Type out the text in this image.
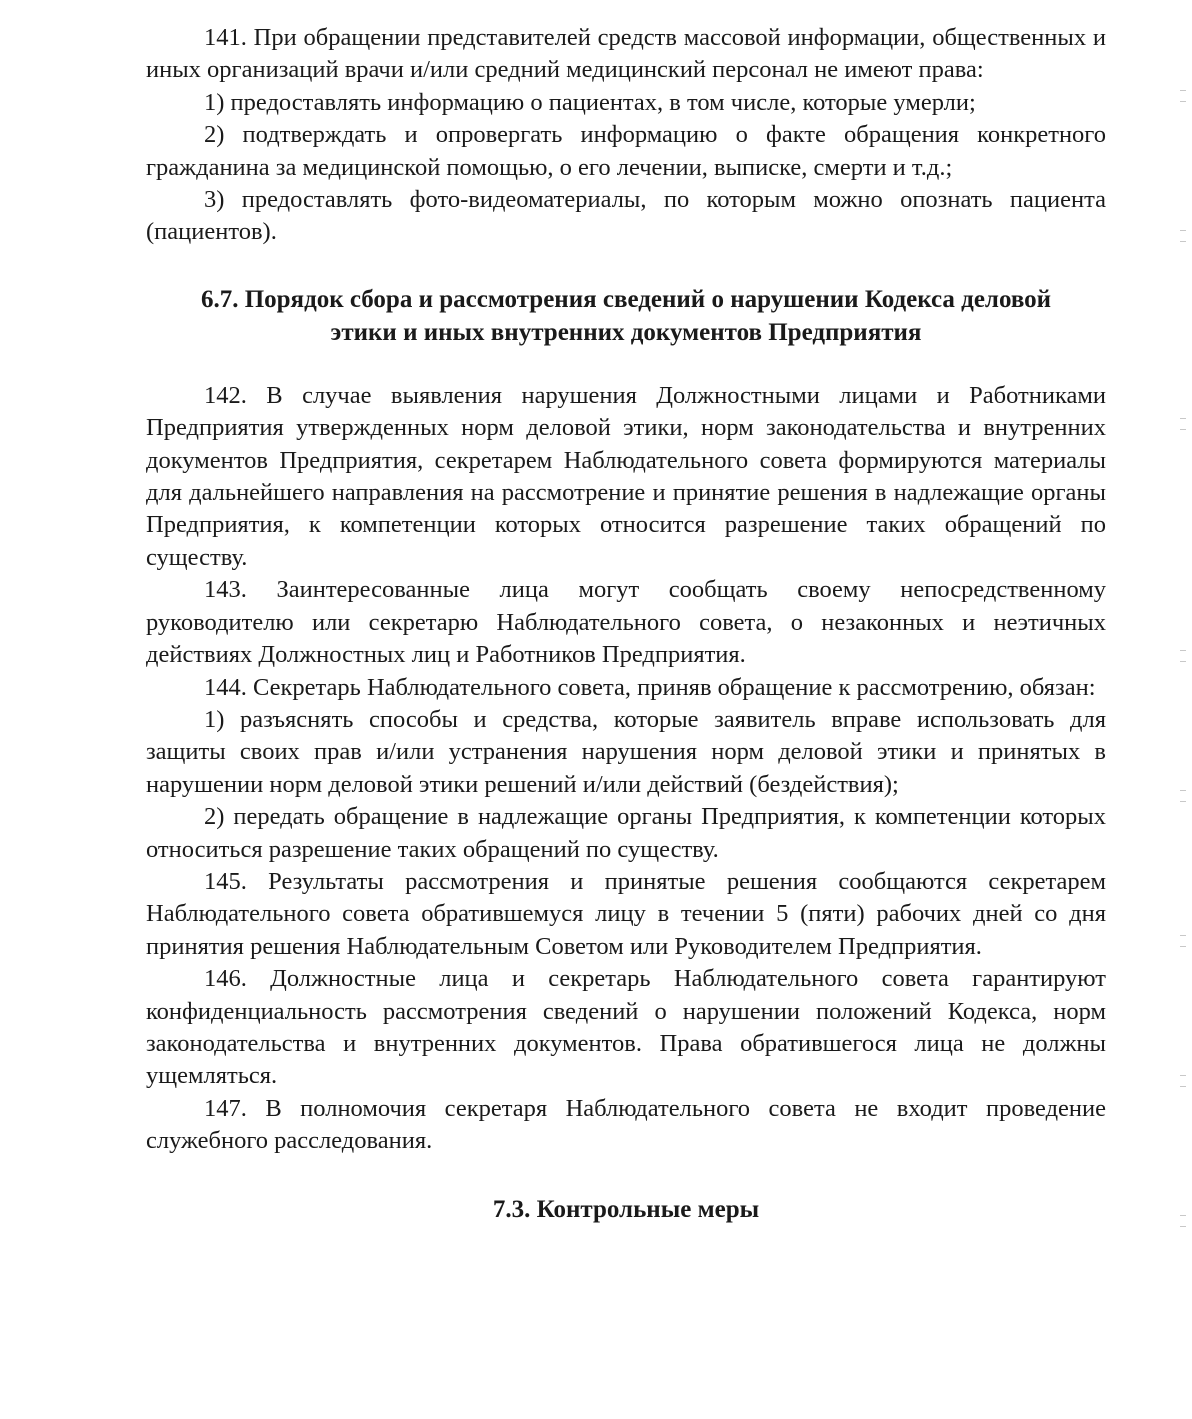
141. При обращении представителей средств массовой информации, общественных и иных организаций врачи и/или средний медицинский персонал не имеют права:

1) предоставлять информацию о пациентах, в том числе, которые умерли;

2) подтверждать и опровергать информацию о факте обращения конкретного гражданина за медицинской помощью, о его лечении, выписке, смерти и т.д.;

3) предоставлять фото-видеоматериалы, по которым можно опознать пациента (пациентов).

6.7. Порядок сбора и рассмотрения сведений о нарушении Кодекса деловой
этики и иных внутренних документов Предприятия

142. В случае выявления нарушения Должностными лицами и Работниками Предприятия утвержденных норм деловой этики, норм законодательства и внутренних документов Предприятия, секретарем Наблюдательного совета формируются материалы для дальнейшего направления на рассмотрение и принятие решения в надлежащие органы Предприятия, к компетенции которых относится разрешение таких обращений по существу.

143. Заинтересованные лица могут сообщать своему непосредственному руководителю или секретарю Наблюдательного совета, о незаконных и неэтичных действиях Должностных лиц и Работников Предприятия.

144. Секретарь Наблюдательного совета, приняв обращение к рассмотрению, обязан:

1) разъяснять способы и средства, которые заявитель вправе использовать для защиты своих прав и/или устранения нарушения норм деловой этики и принятых в нарушении норм деловой этики решений и/или действий (бездействия);

2) передать обращение в надлежащие органы Предприятия, к компетенции которых относиться разрешение таких обращений по существу.

145. Результаты рассмотрения и принятые решения сообщаются секретарем Наблюдательного совета обратившемуся лицу в течении 5 (пяти) рабочих дней со дня принятия решения Наблюдательным Советом или Руководителем Предприятия.

146. Должностные лица и секретарь Наблюдательного совета гарантируют конфиденциальность рассмотрения сведений о нарушении положений Кодекса, норм законодательства и внутренних документов. Права обратившегося лица не должны ущемляться.

147. В полномочия секретаря Наблюдательного совета не входит проведение служебного расследования.

7.3. Контрольные меры
